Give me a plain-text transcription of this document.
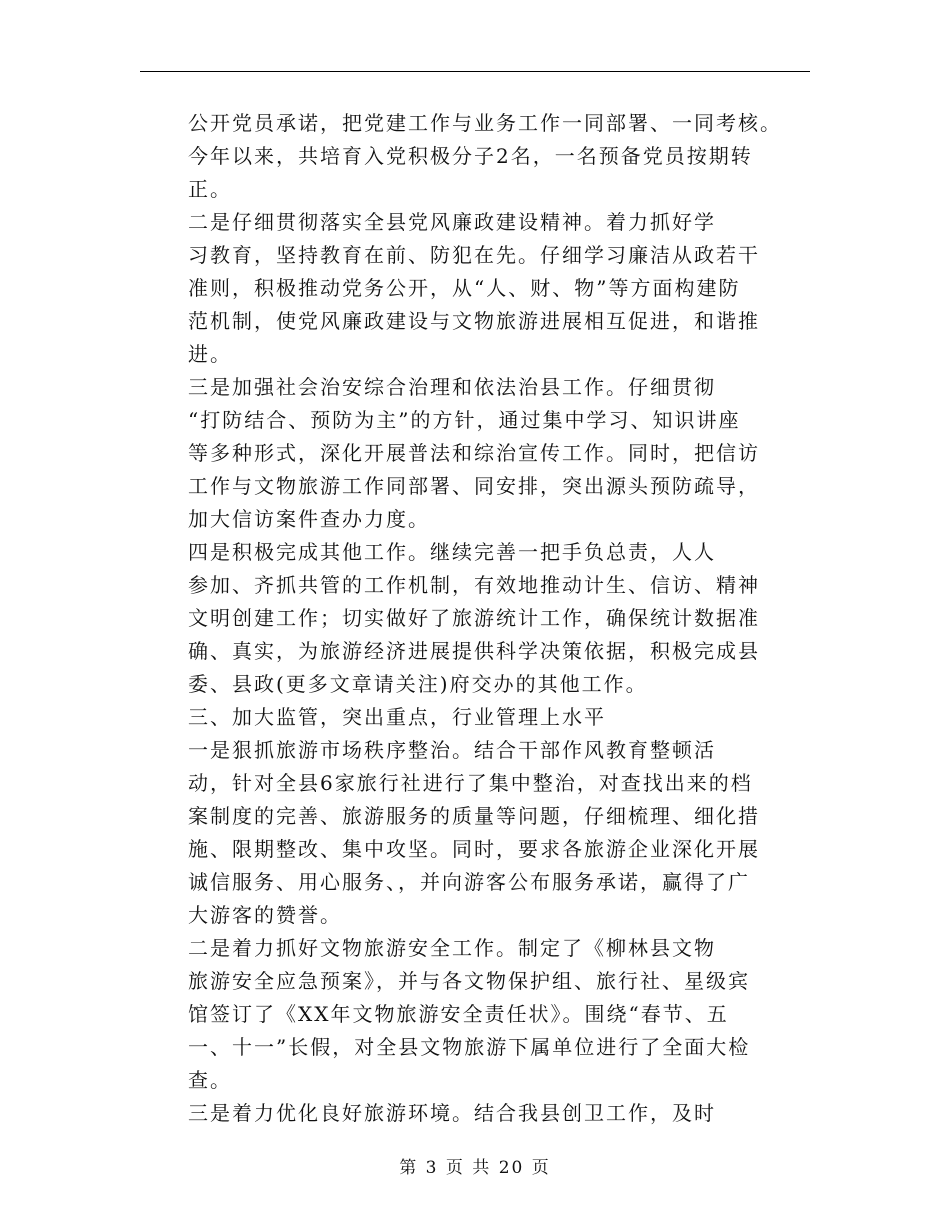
公开党员承诺，把党建工作与业务工作一同部署、一同考核。
今年以来，共培育入党积极分子2名，一名预备党员按期转
正。
二是仔细贯彻落实全县党风廉政建设精神。着力抓好学
习教育，坚持教育在前、防犯在先。仔细学习廉洁从政若干
准则，积极推动党务公开，从“人、财、物”等方面构建防
范机制，使党风廉政建设与文物旅游进展相互促进，和谐推
进。
三是加强社会治安综合治理和依法治县工作。仔细贯彻
“打防结合、预防为主”的方针，通过集中学习、知识讲座
等多种形式，深化开展普法和综治宣传工作。同时，把信访
工作与文物旅游工作同部署、同安排，突出源头预防疏导，
加大信访案件查办力度。
四是积极完成其他工作。继续完善一把手负总责，人人
参加、齐抓共管的工作机制，有效地推动计生、信访、精神
文明创建工作；切实做好了旅游统计工作，确保统计数据准
确、真实，为旅游经济进展提供科学决策依据，积极完成县
委、县政(更多文章请关注)府交办的其他工作。
三、加大监管，突出重点，行业管理上水平
一是狠抓旅游市场秩序整治。结合干部作风教育整顿活
动，针对全县6家旅行社进行了集中整治，对查找出来的档
案制度的完善、旅游服务的质量等问题，仔细梳理、细化措
施、限期整改、集中攻坚。同时，要求各旅游企业深化开展
诚信服务、用心服务、，并向游客公布服务承诺，赢得了广
大游客的赞誉。
二是着力抓好文物旅游安全工作。制定了《柳林县文物
旅游安全应急预案》，并与各文物保护组、旅行社、星级宾
馆签订了《XX年文物旅游安全责任状》。围绕“春节、五
一、十一”长假，对全县文物旅游下属单位进行了全面大检
查。
三是着力优化良好旅游环境。结合我县创卫工作，及时
第 3 页 共 20 页
